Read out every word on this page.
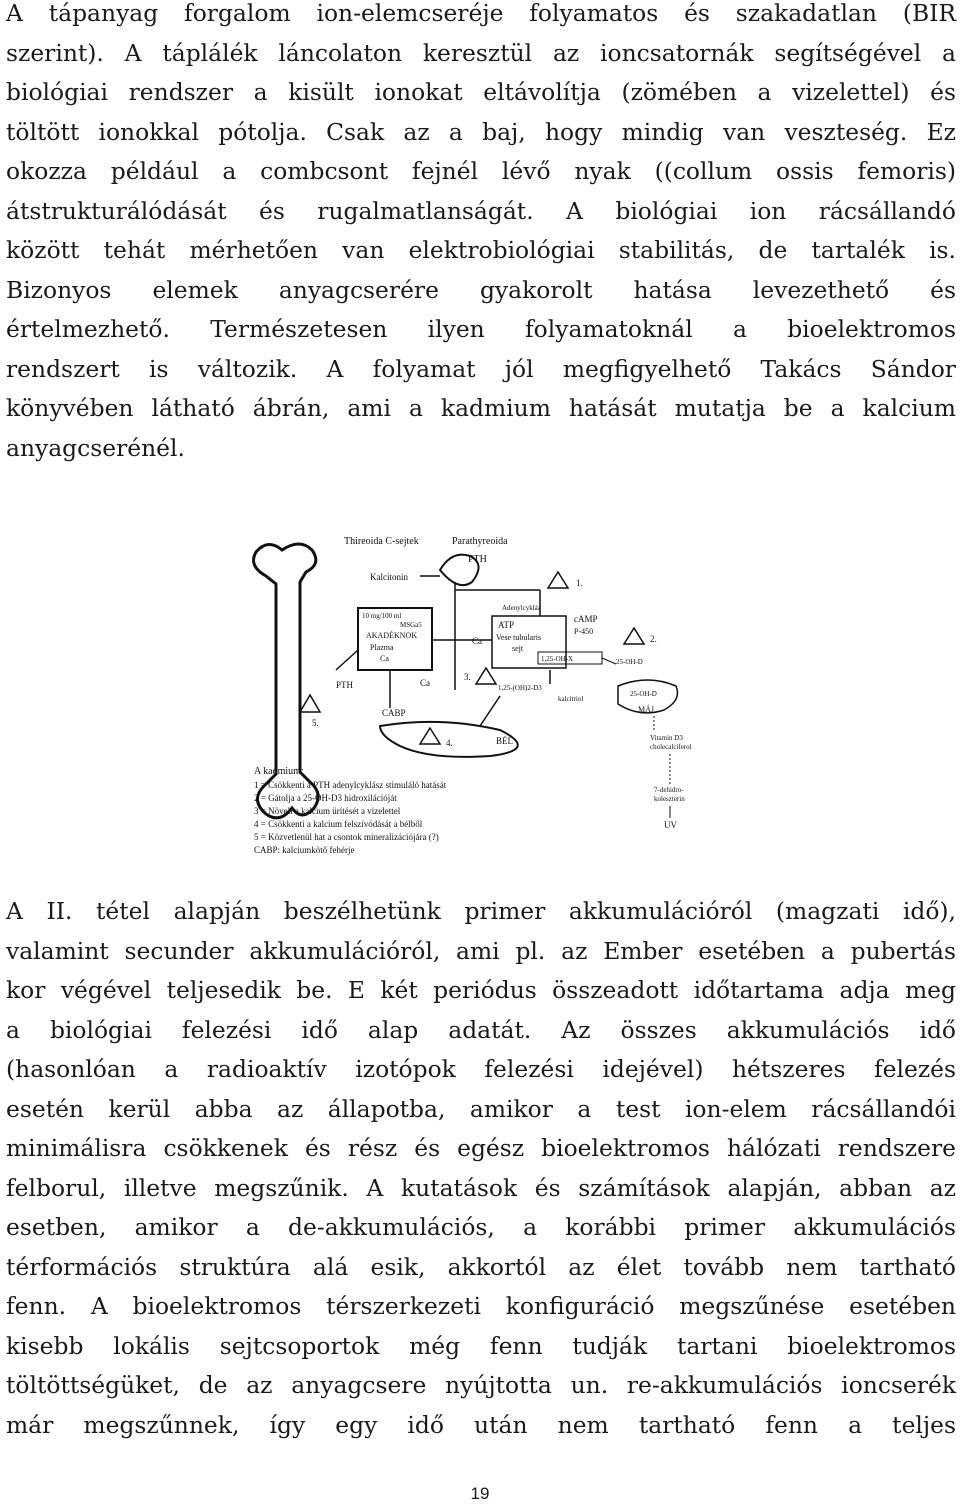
A tápanyag forgalom ion-elemcseréje folyamatos és szakadatlan (BIR
szerint). A táplálék láncolaton keresztül az ioncsatornák segítségével a
biológiai rendszer a kisült ionokat eltávolítja (zömében a vizelettel) és
töltött ionokkal pótolja. Csak az a baj, hogy mindig van veszteség. Ez
okozza például a combcsont fejnél lévő nyak ((collum ossis femoris)
átstrukturálódását és rugalmatlanságát. A biológiai ion rácsállandó
között tehát mérhetően van elektrobiológiai stabilitás, de tartalék is.
Bizonyos elemek anyagcserére gyakorolt hatása levezethető és
értelmezhető. Természetesen ilyen folyamatoknál a bioelektromos
rendszert is változik. A folyamat jól megfigyelhető Takács Sándor
könyvében látható ábrán, ami a kadmium hatását mutatja be a kalcium
anyagcserénél.
Thireoida C-sejtek	Parathyreoida
PTH
Kalcitonin
10 mg/100 ml
MSGa5
AKADÉKNOK
Plazma
Ca
PTH	Ca
5.
Adenylcykláz
ATP
Vese tubularis
sejt
cAMP
P-450
1,25-OH-X
Ca
1.
2.
25-OH-D
25-OH-D
MÁJ
1,25-(OH)2-D3
kalcitriol
3.
CABP
4.	BÉL	Vitamin D3
cholecalciferol
7-dehidro-
koleszterin
UV
A kadmium:
1 = Csökkenti a PTH adenylcyklász stimuláló hatását
2 = Gátolja a 25-OH-D3 hidroxilációját
3 = Növeli a kalcium ürítését a vizelettel
4 = Csökkenti a kalcium felszívódását a bélből
5 = Közvetlenül hat a csontok mineralizációjára (?)
CABP: kalciumkötő fehérje
A II. tétel alapján beszélhetünk primer akkumulációról (magzati idő),
valamint secunder akkumulációról, ami pl. az Ember esetében a pubertás
kor végével teljesedik be. E két periódus összeadott időtartama adja meg
a biológiai felezési idő alap adatát. Az összes akkumulációs idő
(hasonlóan a radioaktív izotópok felezési idejével) hétszeres felezés
esetén kerül abba az állapotba, amikor a test ion-elem rácsállandói
minimálisra csökkenek és rész és egész bioelektromos hálózati rendszere
felborul, illetve megszűnik. A kutatások és számítások alapján, abban az
esetben, amikor a de-akkumulációs, a korábbi primer akkumulációs
térformációs struktúra alá esik, akkortól az élet tovább nem tartható
fenn. A bioelektromos térszerkezeti konfiguráció megszűnése esetében
kisebb lokális sejtcsoportok még fenn tudják tartani bioelektromos
töltöttségüket, de az anyagcsere nyújtotta un. re-akkumulációs ioncserék
már megszűnnek, így egy idő után nem tartható fenn a teljes
19
